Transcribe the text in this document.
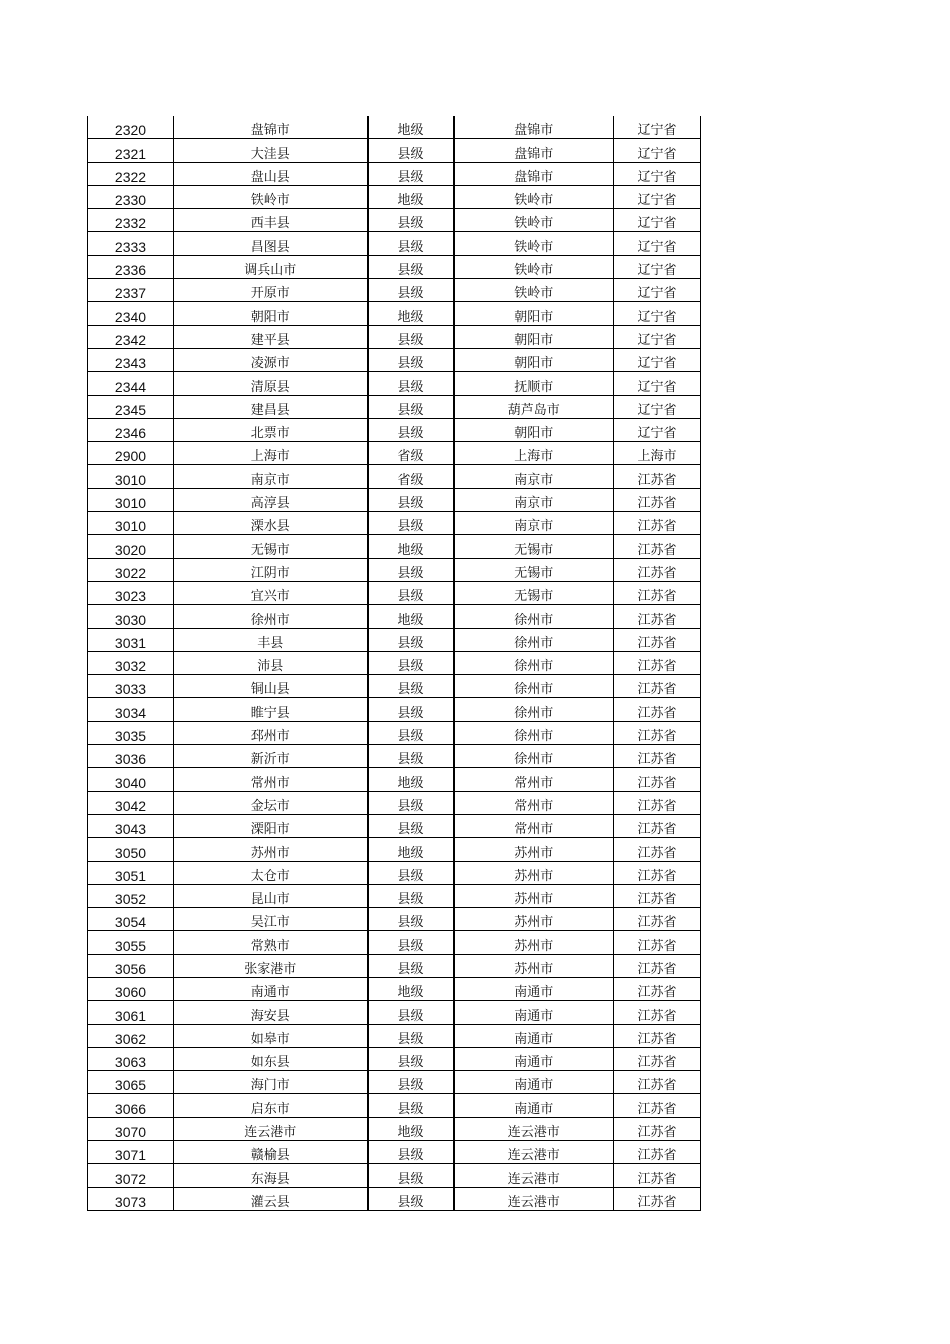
2320	盘锦市	地级	盘锦市	辽宁省
2321	大洼县	县级	盘锦市	辽宁省
2322	盘山县	县级	盘锦市	辽宁省
2330	铁岭市	地级	铁岭市	辽宁省
2332	西丰县	县级	铁岭市	辽宁省
2333	昌图县	县级	铁岭市	辽宁省
2336	调兵山市	县级	铁岭市	辽宁省
2337	开原市	县级	铁岭市	辽宁省
2340	朝阳市	地级	朝阳市	辽宁省
2342	建平县	县级	朝阳市	辽宁省
2343	凌源市	县级	朝阳市	辽宁省
2344	清原县	县级	抚顺市	辽宁省
2345	建昌县	县级	葫芦岛市	辽宁省
2346	北票市	县级	朝阳市	辽宁省
2900	上海市	省级	上海市	上海市
3010	南京市	省级	南京市	江苏省
3010	高淳县	县级	南京市	江苏省
3010	溧水县	县级	南京市	江苏省
3020	无锡市	地级	无锡市	江苏省
3022	江阴市	县级	无锡市	江苏省
3023	宜兴市	县级	无锡市	江苏省
3030	徐州市	地级	徐州市	江苏省
3031	丰县	县级	徐州市	江苏省
3032	沛县	县级	徐州市	江苏省
3033	铜山县	县级	徐州市	江苏省
3034	睢宁县	县级	徐州市	江苏省
3035	邳州市	县级	徐州市	江苏省
3036	新沂市	县级	徐州市	江苏省
3040	常州市	地级	常州市	江苏省
3042	金坛市	县级	常州市	江苏省
3043	溧阳市	县级	常州市	江苏省
3050	苏州市	地级	苏州市	江苏省
3051	太仓市	县级	苏州市	江苏省
3052	昆山市	县级	苏州市	江苏省
3054	吴江市	县级	苏州市	江苏省
3055	常熟市	县级	苏州市	江苏省
3056	张家港市	县级	苏州市	江苏省
3060	南通市	地级	南通市	江苏省
3061	海安县	县级	南通市	江苏省
3062	如皋市	县级	南通市	江苏省
3063	如东县	县级	南通市	江苏省
3065	海门市	县级	南通市	江苏省
3066	启东市	县级	南通市	江苏省
3070	连云港市	地级	连云港市	江苏省
3071	赣榆县	县级	连云港市	江苏省
3072	东海县	县级	连云港市	江苏省
3073	灌云县	县级	连云港市	江苏省
